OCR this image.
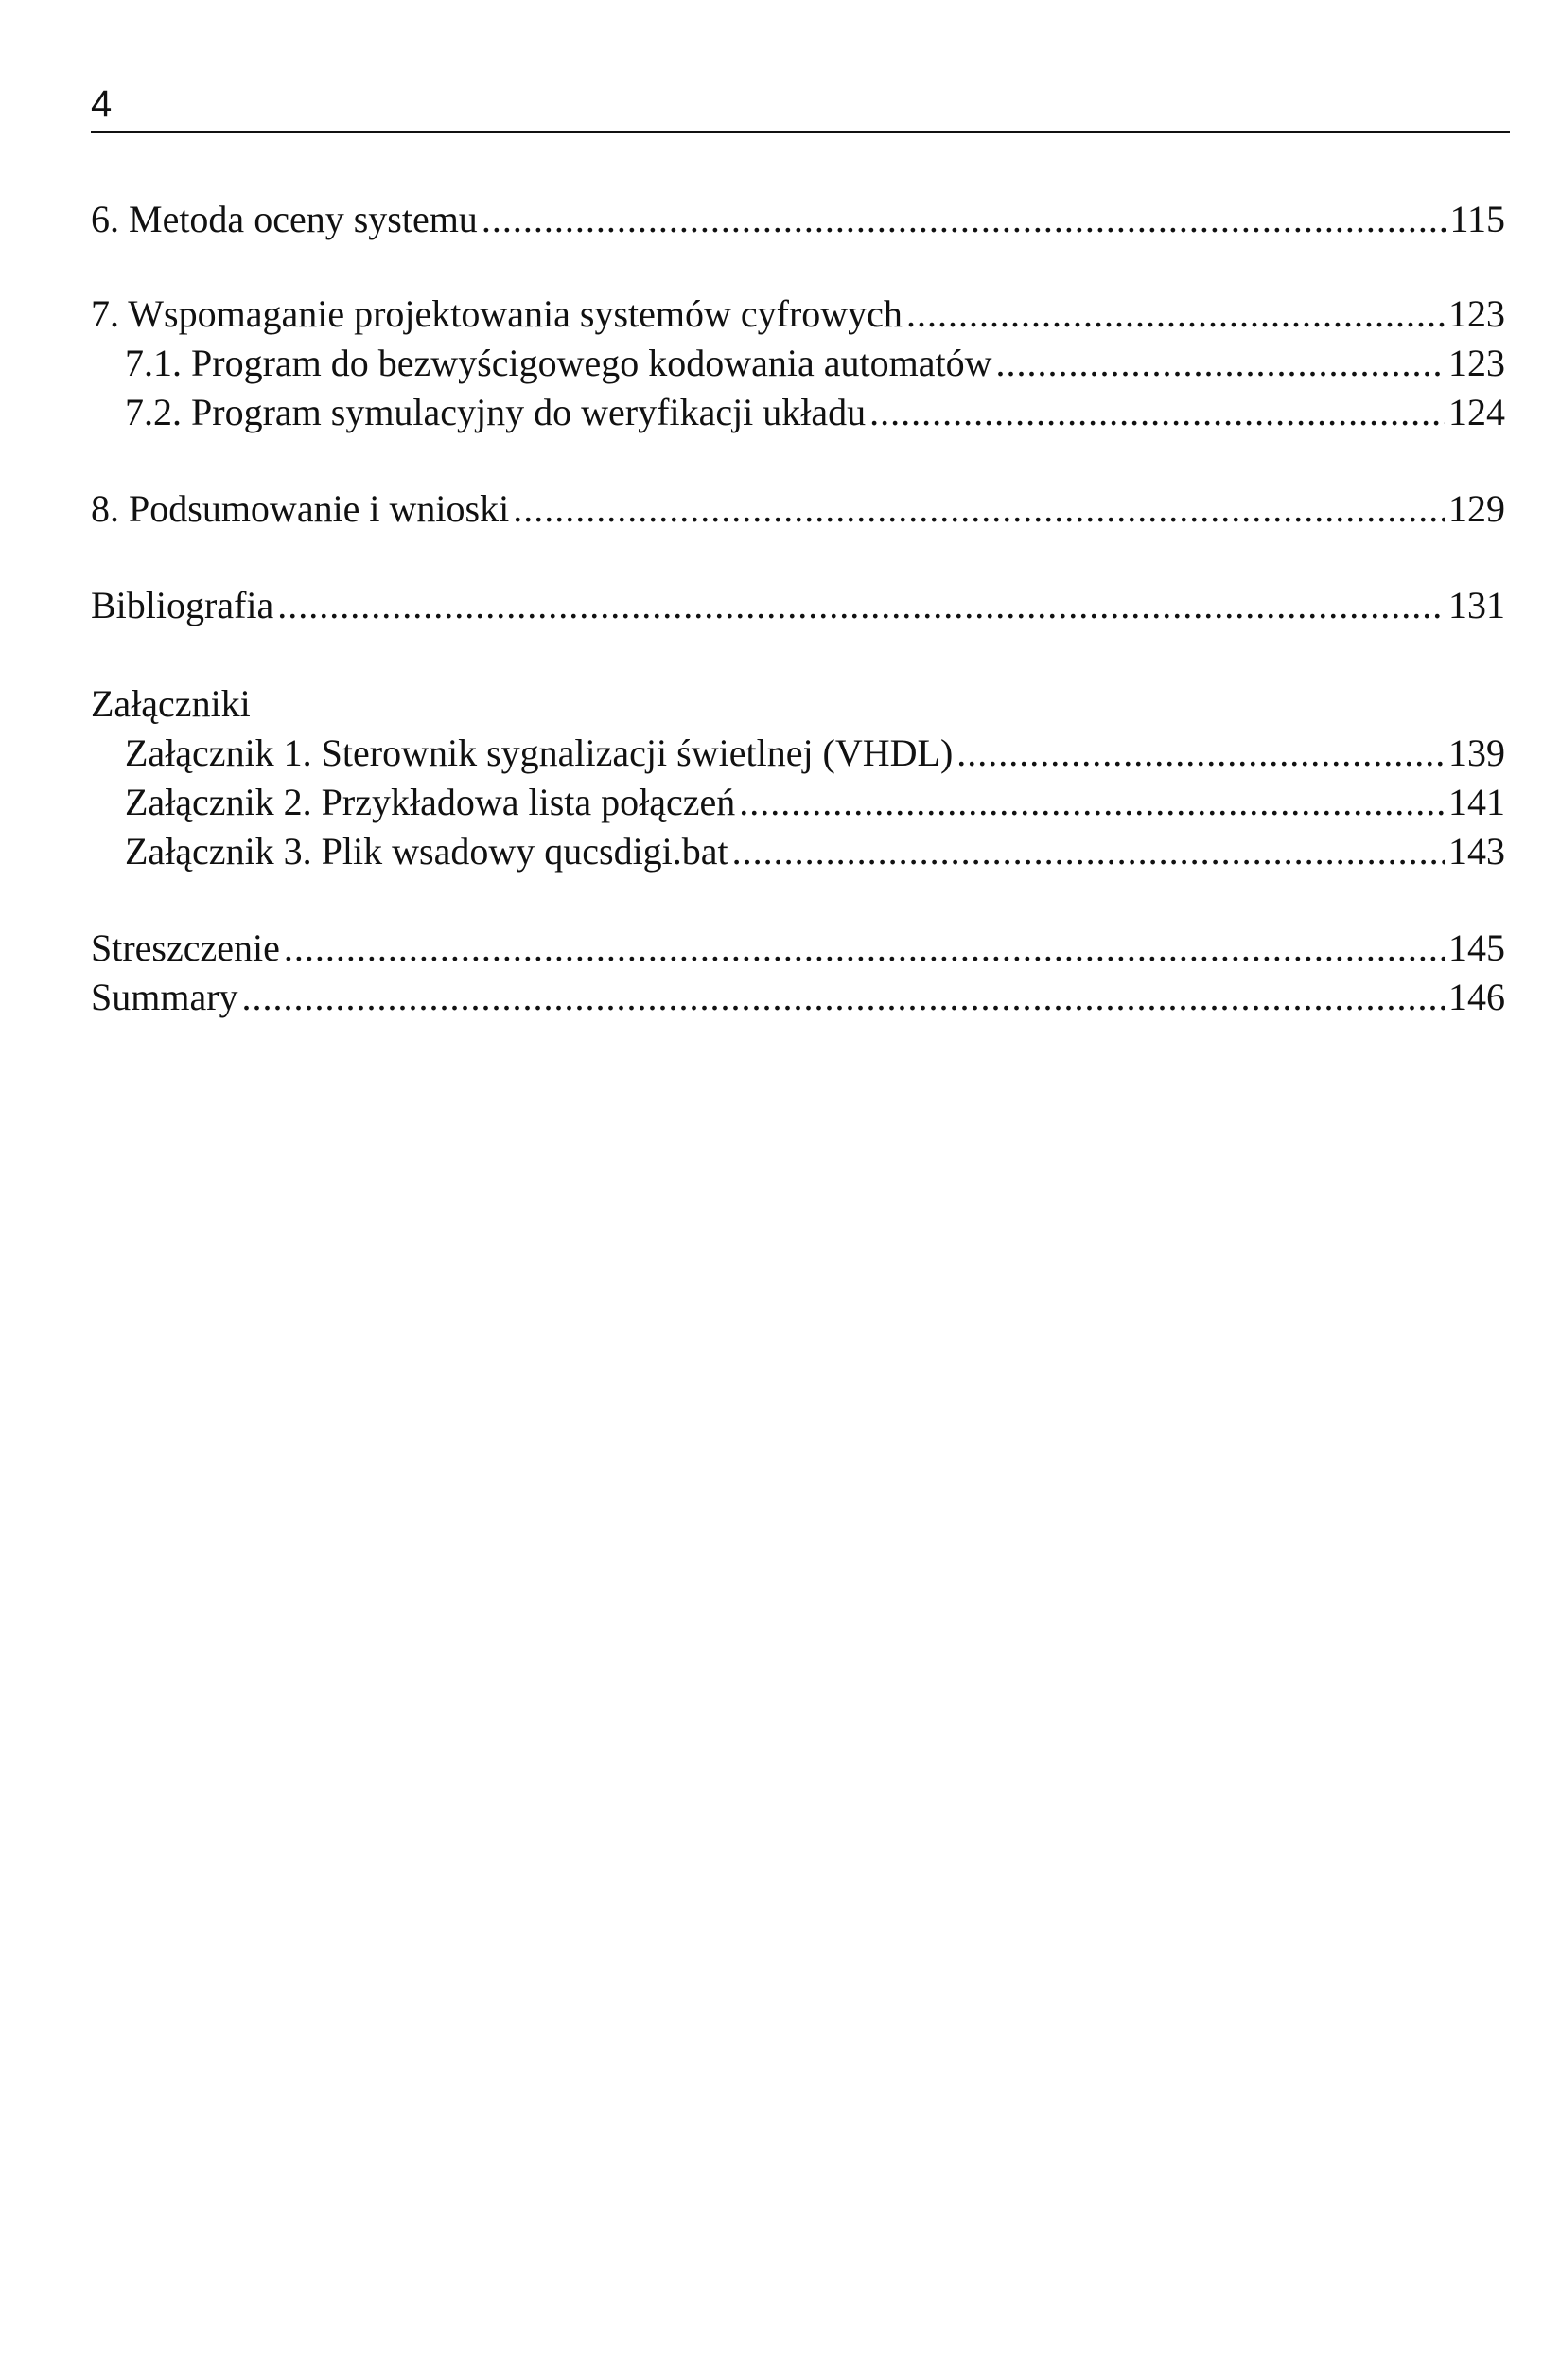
4
6. Metoda oceny systemu .....	115
7. Wspomaganie projektowania systemów cyfrowych .....	123
7.1. Program do bezwyścigowego kodowania automatów .....	123
7.2. Program symulacyjny do weryfikacji układu .....	124
8. Podsumowanie i wnioski .....	129
Bibliografia .....	131
Załączniki
Załącznik 1. Sterownik sygnalizacji świetlnej (VHDL) .....	139
Załącznik 2. Przykładowa lista połączeń .....	141
Załącznik 3. Plik wsadowy qucsdigi.bat .....	143
Streszczenie .....	145
Summary .....	146
